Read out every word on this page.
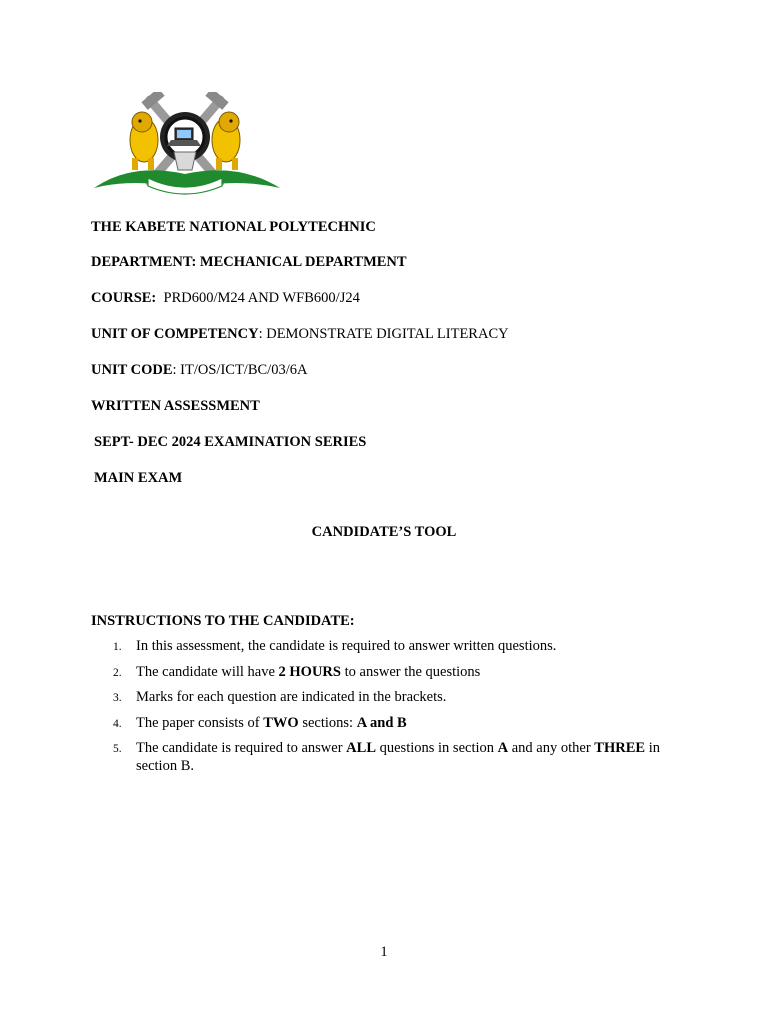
THE KABETE NATIONAL POLYTECHNIC
DEPARTMENT: MECHANICAL DEPARTMENT
COURSE: PRD600/M24 AND WFB600/J24
UNIT OF COMPETENCY: DEMONSTRATE DIGITAL LITERACY
UNIT CODE: IT/OS/ICT/BC/03/6A
WRITTEN ASSESSMENT
SEPT- DEC 2024 EXAMINATION SERIES
MAIN EXAM
CANDIDATE’S TOOL
INSTRUCTIONS TO THE CANDIDATE:
1. In this assessment, the candidate is required to answer written questions.
2. The candidate will have 2 HOURS to answer the questions
3. Marks for each question are indicated in the brackets.
4. The paper consists of TWO sections: A and B
5. The candidate is required to answer ALL questions in section A and any other THREE in section B.
1
